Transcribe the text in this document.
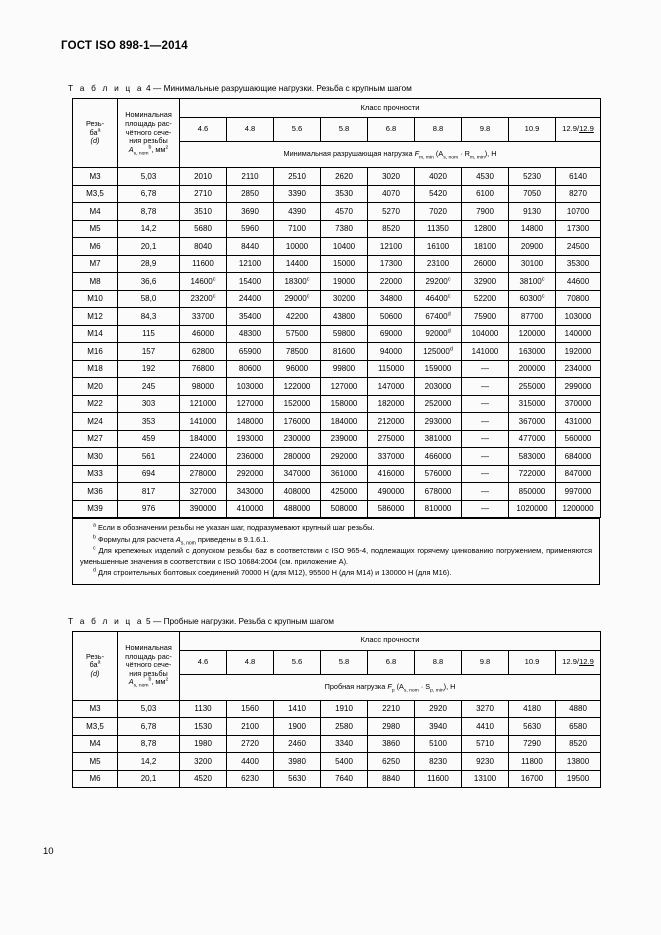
ГОСТ ISO 898-1—2014
Т а б л и ц а 4 — Минимальные разрушающие нагрузки. Резьба с крупным шагом
Резь-
ба$^a$
(d)	Номинальная
площадь рас-
чётного сече-
ния резьбы
$A_{s, nom}^b$, $мм^2$	Класс прочности								
		4.6	4.8	5.6	5.8	6.8	8.8	9.8	10.9	12.9/12.9
		Минимальная разрушающая нагрузка $F_{m, min}$ $(A_{s, nom} \cdot R_{m, min})$, Н								
M3	5,03	2010	2110	2510	2620	3020	4020	4530	5230	6140
M3,5	6,78	2710	2850	3390	3530	4070	5420	6100	7050	8270
M4	8,78	3510	3690	4390	4570	5270	7020	7900	9130	10700
M5	14,2	5680	5960	7100	7380	8520	11350	12800	14800	17300
M6	20,1	8040	8440	10000	10400	12100	16100	18100	20900	24500
M7	28,9	11600	12100	14400	15000	17300	23100	26000	30100	35300
M8	36,6	14600$^c$	15400	18300$^c$	19000	22000	29200$^c$	32900	38100$^c$	44600
M10	58,0	23200$^c$	24400	29000$^c$	30200	34800	46400$^c$	52200	60300$^c$	70800
M12	84,3	33700	35400	42200	43800	50600	67400$^d$	75900	87700	103000
M14	115	46000	48300	57500	59800	69000	92000$^d$	104000	120000	140000
M16	157	62800	65900	78500	81600	94000	125000$^d$	141000	163000	192000
M18	192	76800	80600	96000	99800	115000	159000	—	200000	234000
M20	245	98000	103000	122000	127000	147000	203000	—	255000	299000
M22	303	121000	127000	152000	158000	182000	252000	—	315000	370000
M24	353	141000	148000	176000	184000	212000	293000	—	367000	431000
M27	459	184000	193000	230000	239000	275000	381000	—	477000	560000
M30	561	224000	236000	280000	292000	337000	466000	—	583000	684000
M33	694	278000	292000	347000	361000	416000	576000	—	722000	847000
M36	817	327000	343000	408000	425000	490000	678000	—	850000	997000
M39	976	390000	410000	488000	508000	586000	810000	—	1020000	1200000

$^a$ Если в обозначении резьбы не указан шаг, подразумевают крупный шаг резьбы.

$^b$ Формулы для расчета $A_{s, nom}$ приведены в 9.1.6.1.

$^c$ Для крепежных изделий с допуском резьбы 6az в соответствии с ISO 965-4, подлежащих горячему цинкованию погружением, применяются уменьшенные значения в соответствии с ISO 10684:2004 (см. приложение А).

$^d$ Для строительных болтовых соединений 70000 Н (для M12), 95500 Н (для M14) и 130000 Н (для M16).

Т а б л и ц а 5 — Пробные нагрузки. Резьба с крупным шагом
Резь-
ба$^a$
(d)	Номинальная
площадь рас-
чётного сече-
ния резьбы
$A_{s, nom}^b$, $мм^2$	Класс прочности								
		4.6	4.8	5.6	5.8	6.8	8.8	9.8	10.9	12.9/12.9
		Пробная нагрузка $F_p$ $(A_{s, nom} \cdot S_{p, min})$, Н								
M3	5,03	1130	1560	1410	1910	2210	2920	3270	4180	4880
M3,5	6,78	1530	2100	1900	2580	2980	3940	4410	5630	6580
M4	8,78	1980	2720	2460	3340	3860	5100	5710	7290	8520
M5	14,2	3200	4400	3980	5400	6250	8230	9230	11800	13800
M6	20,1	4520	6230	5630	7640	8840	11600	13100	16700	19500
10
